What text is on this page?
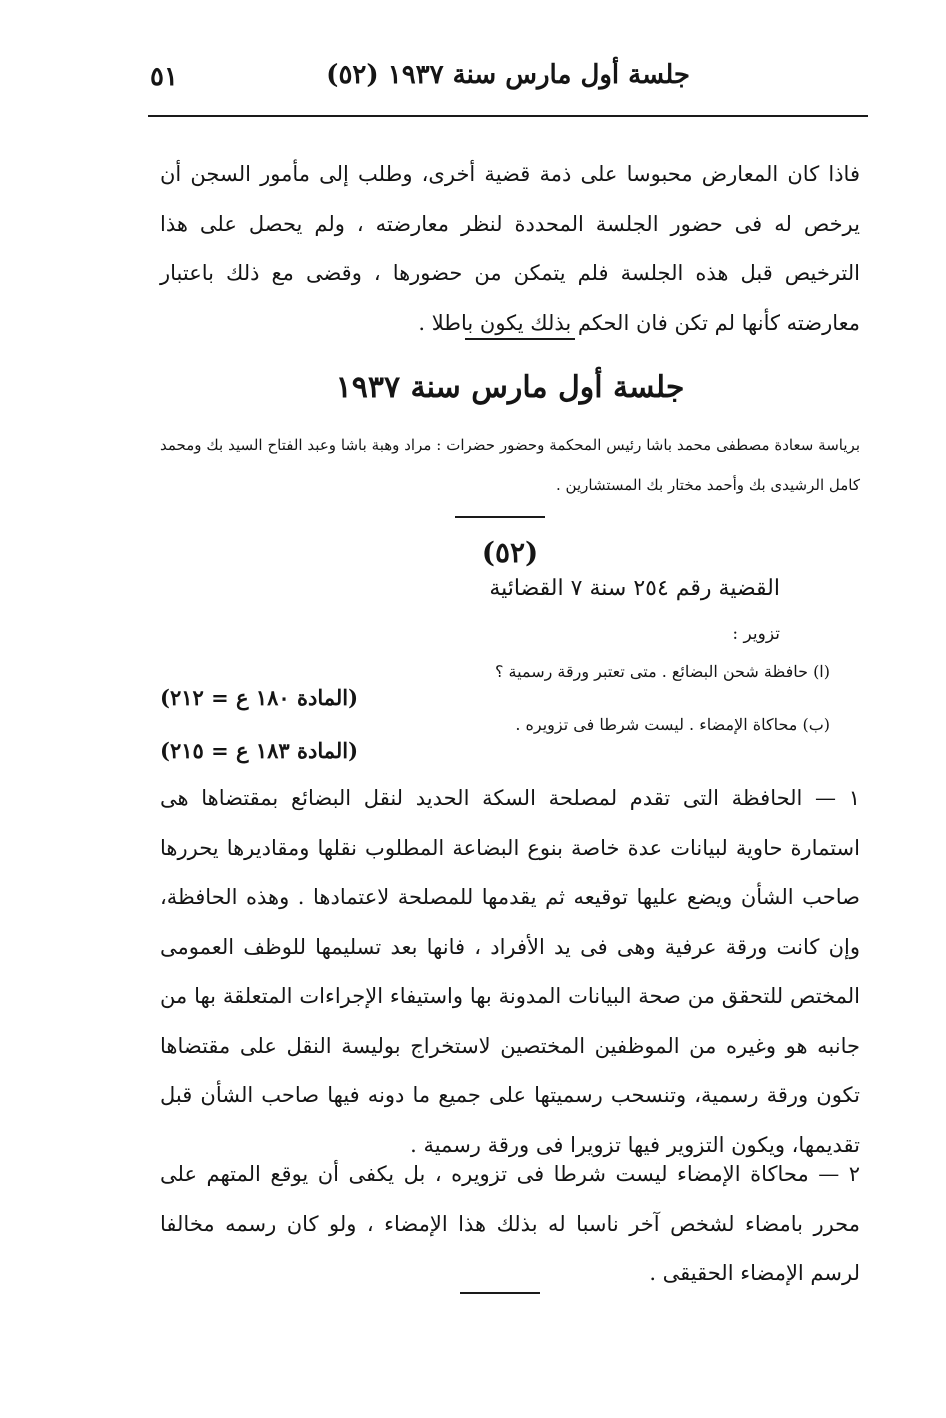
جلسة أول مارس سنة ١٩٣٧ (٥٢)
٥١
فاذا كان المعارض محبوسا على ذمة قضية أخرى، وطلب إلى مأمور السجن أن يرخص له فى حضور الجلسة المحددة لنظر معارضته ، ولم يحصل على هذا الترخيص قبل هذه الجلسة فلم يتمكن من حضورها ، وقضى مع ذلك باعتبار معارضته كأنها لم تكن فان الحكم بذلك يكون باطلا .
جلسة أول مارس سنة ١٩٣٧
برياسة سعادة مصطفى محمد باشا رئيس المحكمة وحضور حضرات : مراد وهبة باشا وعبد الفتاح السيد بك ومحمد كامل الرشيدى بك وأحمد مختار بك المستشارين .
(٥٢)
القضية رقم ٢٥٤ سنة ٧ القضائية
تزوير :
(ا) حافظة شحن البضائع . متى تعتبر ورقة رسمية ؟
(المادة ١٨٠ ع = ٢١٢)
(ب) محاكاة الإمضاء . ليست شرطا فى تزويره .
(المادة ١٨٣ ع = ٢١٥)
١ — الحافظة التى تقدم لمصلحة السكة الحديد لنقل البضائع بمقتضاها هى استمارة حاوية لبيانات عدة خاصة بنوع البضاعة المطلوب نقلها ومقاديرها يحررها صاحب الشأن ويضع عليها توقيعه ثم يقدمها للمصلحة لاعتمادها . وهذه الحافظة، وإن كانت ورقة عرفية وهى فى يد الأفراد ، فانها بعد تسليمها للوظف العمومى المختص للتحقق من صحة البيانات المدونة بها واستيفاء الإجراءات المتعلقة بها من جانبه هو وغيره من الموظفين المختصين لاستخراج بوليسة النقل على مقتضاها تكون ورقة رسمية، وتنسحب رسميتها على جميع ما دونه فيها صاحب الشأن قبل تقديمها، ويكون التزوير فيها تزويرا فى ورقة رسمية .
٢ — محاكاة الإمضاء ليست شرطا فى تزويره ، بل يكفى أن يوقع المتهم على محرر بامضاء لشخص آخر ناسبا له بذلك هذا الإمضاء ، ولو كان رسمه مخالفا لرسم الإمضاء الحقيقى .
